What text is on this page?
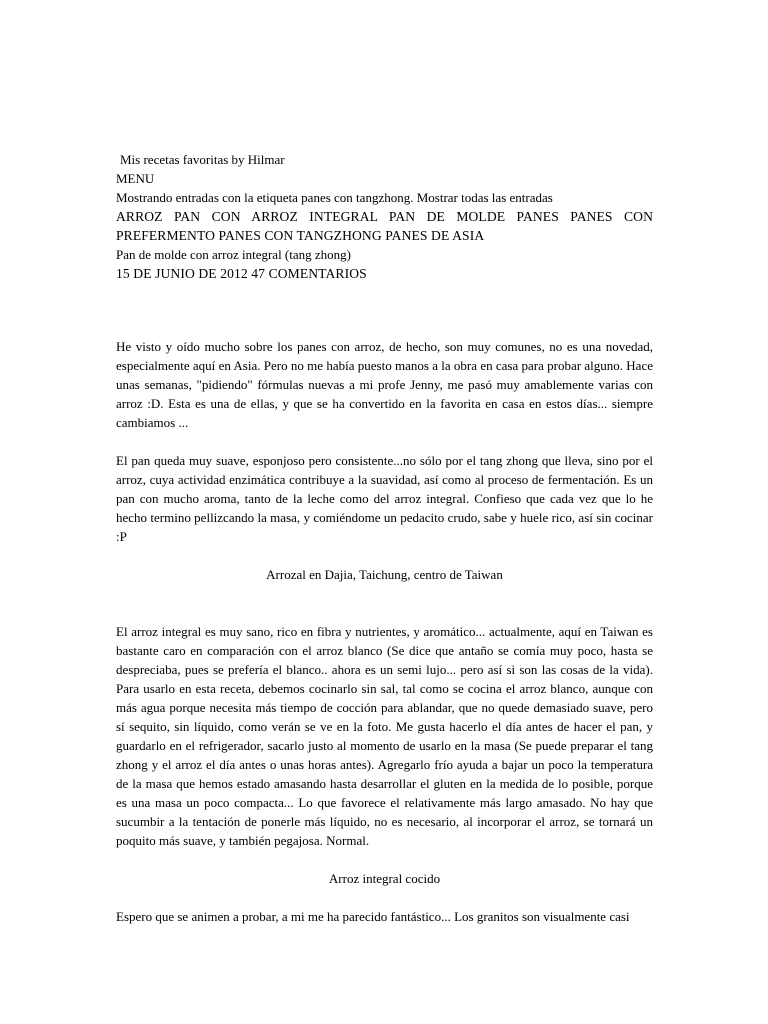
Mis recetas favoritas by Hilmar

MENU

Mostrando entradas con la etiqueta panes con tangzhong. Mostrar todas las entradas

ARROZ PAN CON ARROZ INTEGRAL PAN DE MOLDE PANES PANES CON PREFERMENTO PANES CON TANGZHONG PANES DE ASIA

Pan de molde con arroz integral (tang zhong)

15 DE JUNIO DE 2012 47 COMENTARIOS

He visto y oído mucho sobre los panes con arroz, de hecho, son muy comunes, no es una novedad, especialmente aquí en Asia. Pero no me había puesto manos a la obra en casa para probar alguno. Hace unas semanas, "pidiendo" fórmulas nuevas a mi profe Jenny, me pasó muy amablemente varias con arroz :D. Esta es una de ellas, y que se ha convertido en la favorita en casa en estos días... siempre cambiamos ...

El pan queda muy suave, esponjoso pero consistente...no sólo por el tang zhong que lleva, sino por el arroz, cuya actividad enzimática contribuye a la suavidad, así como al proceso de fermentación. Es un pan con mucho aroma, tanto de la leche como del arroz integral. Confieso que cada vez que lo he hecho termino pellizcando la masa, y comiéndome un pedacito crudo, sabe y huele rico, así sin cocinar :P

Arrozal en Dajia, Taichung, centro de Taiwan

El arroz integral es muy sano, rico en fibra y nutrientes, y aromático... actualmente, aquí en Taiwan es bastante caro en comparación con el arroz blanco (Se dice que antaño se comía muy poco, hasta se despreciaba, pues se prefería el blanco.. ahora es un semi lujo... pero así si son las cosas de la vida). Para usarlo en esta receta, debemos cocinarlo sin sal, tal como se cocina el arroz blanco, aunque con más agua porque necesita más tiempo de cocción para ablandar, que no quede demasiado suave, pero sí sequito, sin líquido, como verán se ve en la foto. Me gusta hacerlo el día antes de hacer el pan, y guardarlo en el refrigerador, sacarlo justo al momento de usarlo en la masa (Se puede preparar el tang zhong y el arroz el día antes o unas horas antes). Agregarlo frío ayuda a bajar un poco la temperatura de la masa que hemos estado amasando hasta desarrollar el gluten en la medida de lo posible, porque es una masa un poco compacta... Lo que favorece el relativamente más largo amasado. No hay que sucumbir a la tentación de ponerle más líquido, no es necesario, al incorporar el arroz, se tornará un poquito más suave, y también pegajosa. Normal.

Arroz integral cocido

Espero que se animen a probar, a mi me ha parecido fantástico... Los granitos son visualmente casi
